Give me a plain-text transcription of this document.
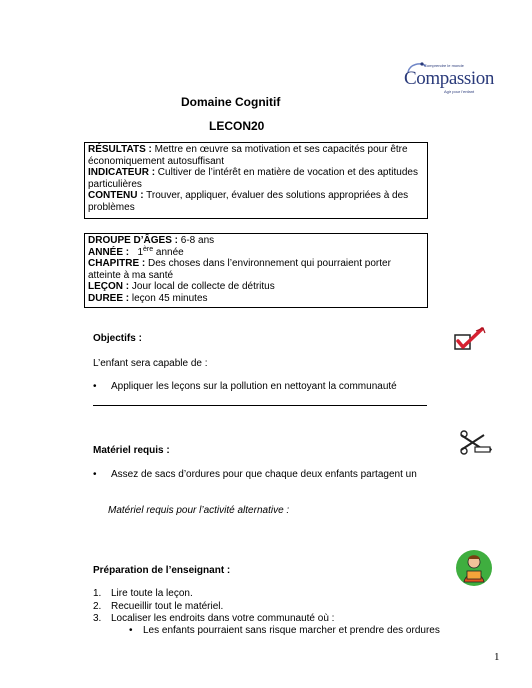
Comprendre le monde
Compassion
Agir pour l'enfant
Domaine Cognitif
LECON20
RÉSULTATS : Mettre en œuvre sa motivation et ses capacités pour être économiquement autosuffisant
INDICATEUR : Cultiver de l’intérêt en matière de vocation et des aptitudes particulières
CONTENU : Trouver, appliquer, évaluer des solutions appropriées à des problèmes
DROUPE D’ÂGES : 6-8 ans
ANNÉE : 1ère année
CHAPITRE : Des choses dans l’environnement qui pourraient porter atteinte à ma santé
LEÇON : Jour local de collecte de détritus
DUREE : leçon 45 minutes
Objectifs :
L’enfant sera capable de :
• Appliquer les leçons sur la pollution en nettoyant la communauté
Matériel requis :
• Assez de sacs d’ordures pour que chaque deux enfants partagent un
Matériel requis pour l’activité alternative :
Préparation de l’enseignant :
1. Lire toute la leçon.
2. Recueillir tout le matériel.
3. Localiser les endroits dans votre communauté où :
• Les enfants pourraient sans risque marcher et prendre des ordures
1
